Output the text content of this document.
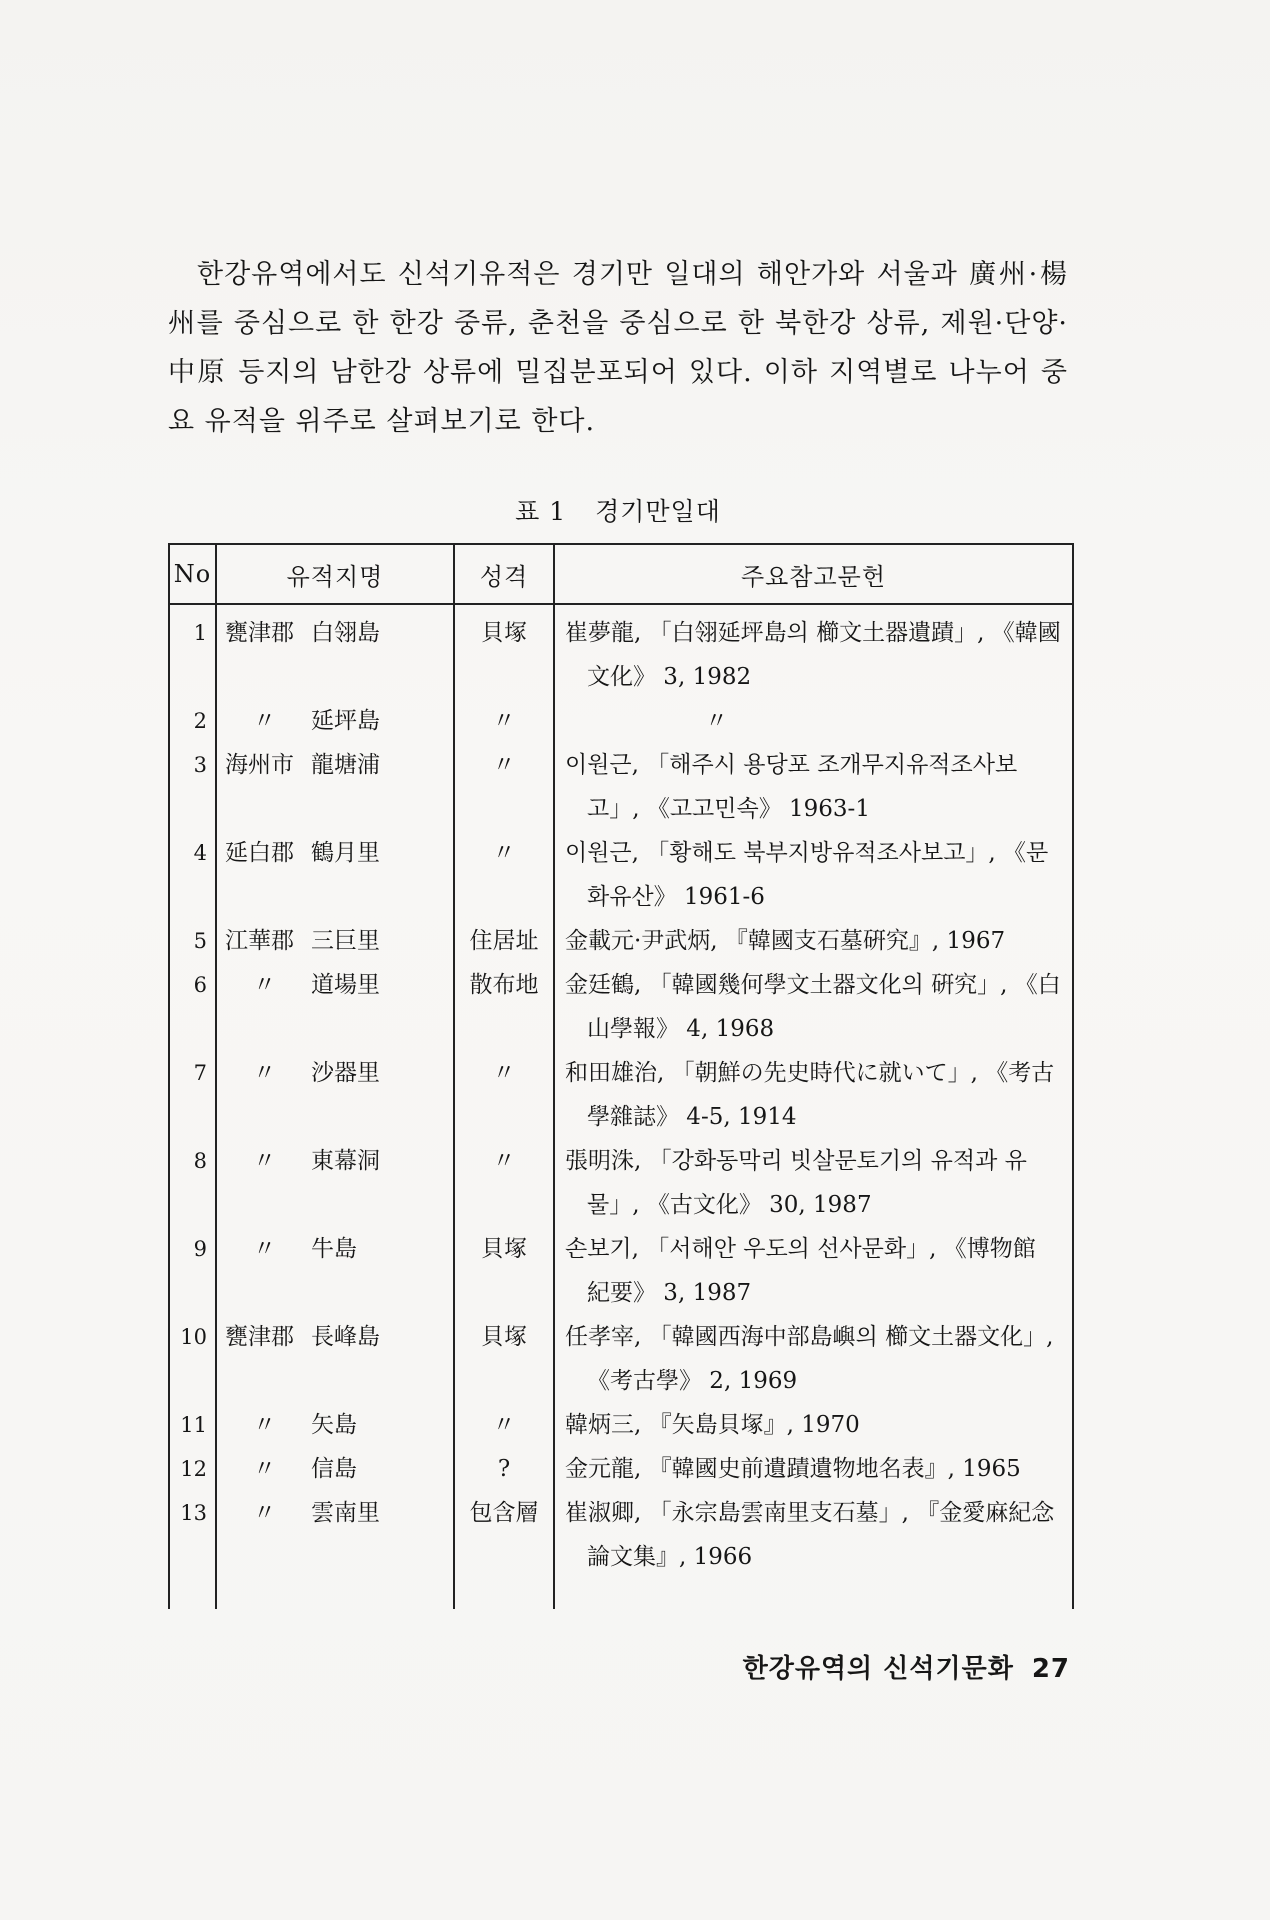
한강유역에서도 신석기유적은 경기만 일대의 해안가와 서울과 廣州·楊州를 중심으로 한 한강 중류, 춘천을 중심으로 한 북한강 상류, 제원·단양·中原 등지의 남한강 상류에 밀집분포되어 있다. 이하 지역별로 나누어 중요 유적을 위주로 살펴보기로 한다.

표 1 경기만일대
No	유적지명	성격	주요참고문헌
1	甕津郡 白翎島	貝塚	崔夢龍, 「白翎延坪島의 櫛文土器遺蹟」, 《韓國
文化》 3, 1982

2	〃 延坪島	〃	〃

3	海州市 龍塘浦	〃	이원근, 「해주시 용당포 조개무지유적조사보
고」, 《고고민속》 1963-1

4	延白郡 鶴月里	〃	이원근, 「황해도 북부지방유적조사보고」, 《문
화유산》 1961-6

5	江華郡 三巨里	住居址	金載元·尹武炳, 『韓國支石墓硏究』, 1967
6	〃 道場里	散布地	金廷鶴, 「韓國幾何學文土器文化의 硏究」, 《白
山學報》 4, 1968

7	〃 沙器里	〃	和田雄治, 「朝鮮の先史時代に就いて」, 《考古
學雜誌》 4-5, 1914

8	〃 東幕洞	〃	張明洙, 「강화동막리 빗살문토기의 유적과 유
물」, 《古文化》 30, 1987

9	〃 牛島	貝塚	손보기, 「서해안 우도의 선사문화」, 《博物館
紀要》 3, 1987

10	甕津郡 長峰島	貝塚	任孝宰, 「韓國西海中部島嶼의 櫛文土器文化」,
《考古學》 2, 1969

11	〃 矢島	〃	韓炳三, 『矢島貝塚』, 1970
12	〃 信島	?	金元龍, 『韓國史前遺蹟遺物地名表』, 1965
13	〃 雲南里	包含層	崔淑卿, 「永宗島雲南里支石墓」, 『金愛麻紀念
論文集』, 1966
한강유역의 신석기문화 27
